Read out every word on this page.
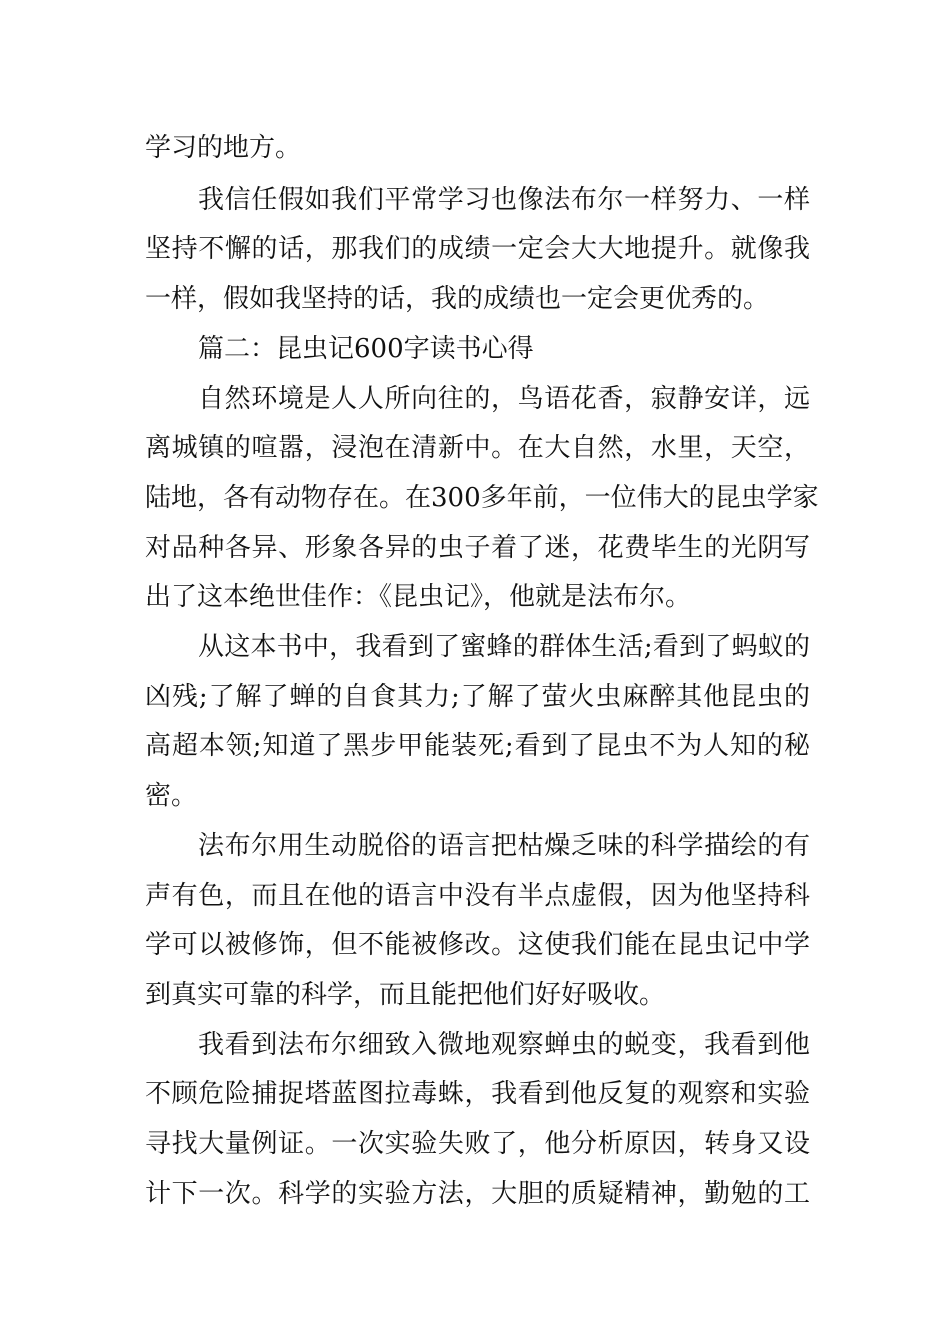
学习的地方。
我信任假如我们平常学习也像法布尔一样努力、一样
坚持不懈的话，那我们的成绩一定会大大地提升。就像我
一样，假如我坚持的话，我的成绩也一定会更优秀的。
篇二：昆虫记600字读书心得
自然环境是人人所向往的，鸟语花香，寂静安详，远
离城镇的喧嚣，浸泡在清新中。在大自然，水里，天空，
陆地，各有动物存在。在300多年前，一位伟大的昆虫学家
对品种各异、形象各异的虫子着了迷，花费毕生的光阴写
出了这本绝世佳作：《昆虫记》，他就是法布尔。
从这本书中，我看到了蜜蜂的群体生活;看到了蚂蚁的
凶残;了解了蝉的自食其力;了解了萤火虫麻醉其他昆虫的
高超本领;知道了黑步甲能装死;看到了昆虫不为人知的秘
密。
法布尔用生动脱俗的语言把枯燥乏味的科学描绘的有
声有色，而且在他的语言中没有半点虚假，因为他坚持科
学可以被修饰，但不能被修改。这使我们能在昆虫记中学
到真实可靠的科学，而且能把他们好好吸收。
我看到法布尔细致入微地观察蝉虫的蜕变，我看到他
不顾危险捕捉塔蓝图拉毒蛛，我看到他反复的观察和实验
寻找大量例证。一次实验失败了，他分析原因，转身又设
计下一次。科学的实验方法，大胆的质疑精神，勤勉的工
